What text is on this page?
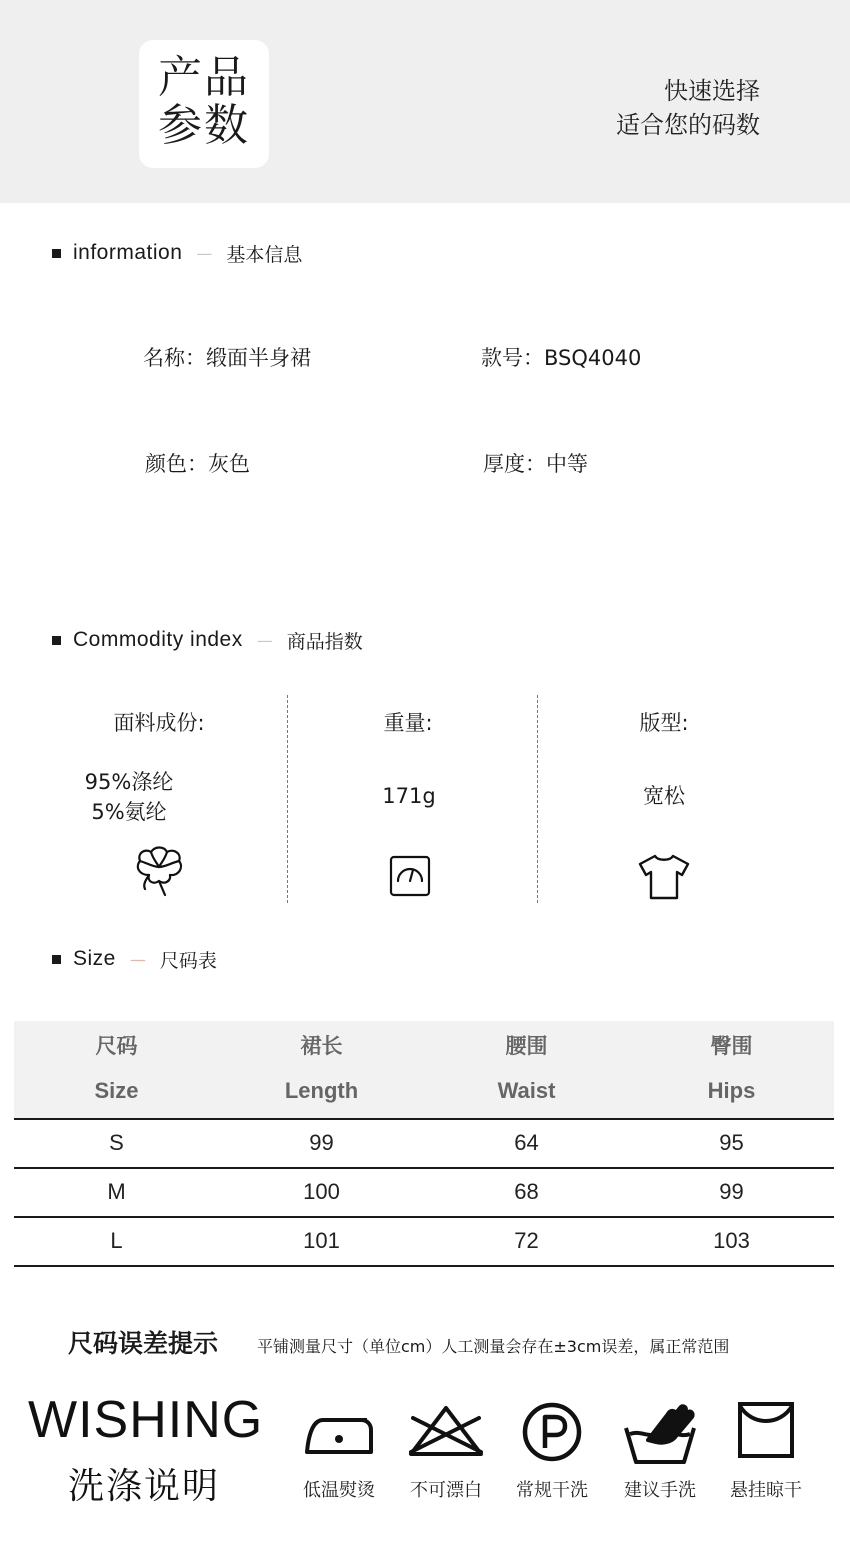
产品
参数
快速选择
适合您的码数
information — 基本信息
名称：缎面半身裙	款号：BSQ4040
颜色：灰色	厚度：中等
Commodity index — 商品指数
面料成份:
95%涤纶
5%氨纶
重量:
171g
版型:
宽松
Size — 尺码表
尺码	裙长	腰围	臀围
Size	Length	Waist	Hips
S	99	64	95
M	100	68	99
L	101	72	103
尺码误差提示 平铺测量尺寸（单位cm）人工测量会存在±3cm误差，属正常范围
WISHING
洗涤说明	低温熨烫	不可漂白	常规干洗	建议手洗	悬挂晾干
